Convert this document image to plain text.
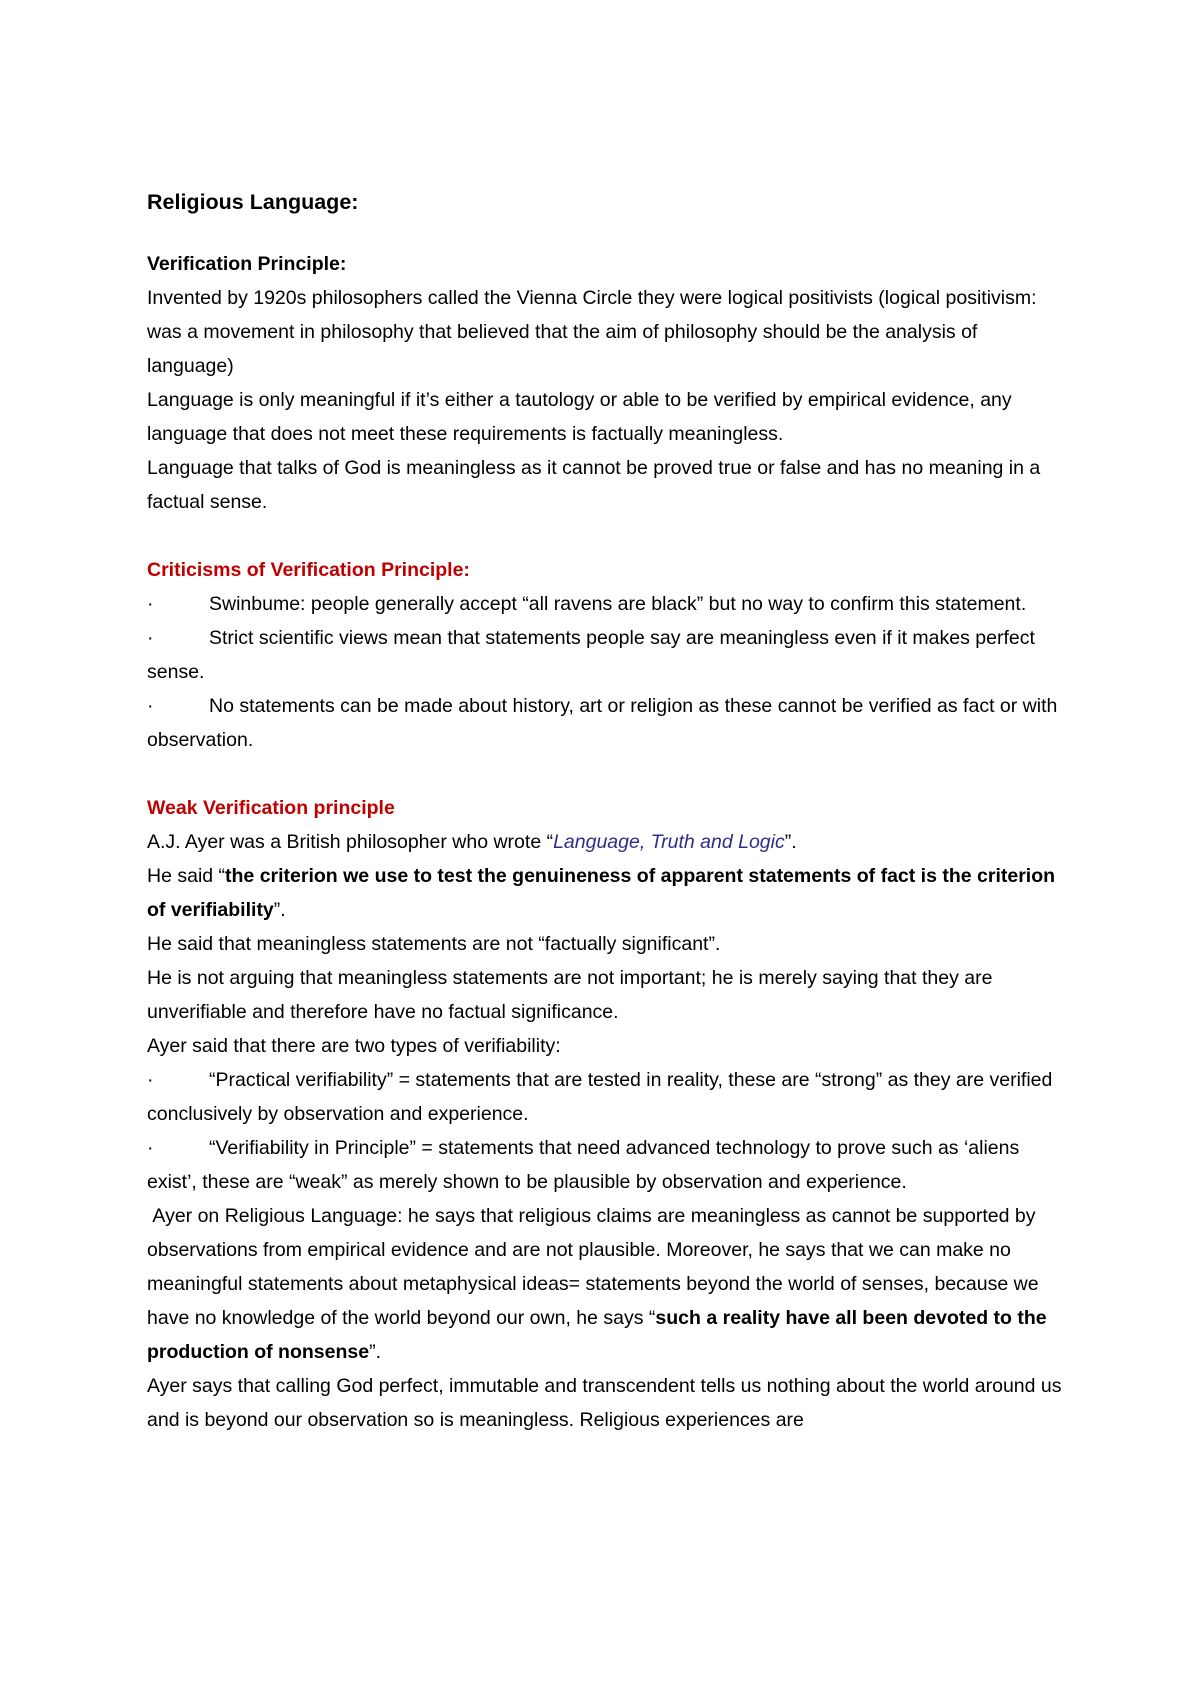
Religious Language:

Verification Principle:

Invented by 1920s philosophers called the Vienna Circle they were logical positivists (logical positivism: was a movement in philosophy that believed that the aim of philosophy should be the analysis of language)

Language is only meaningful if it’s either a tautology or able to be verified by empirical evidence, any language that does not meet these requirements is factually meaningless.

Language that talks of God is meaningless as it cannot be proved true or false and has no meaning in a factual sense.

Criticisms of Verification Principle:

·	Swinbume: people generally accept “all ravens are black” but no way to confirm this statement.

·	Strict scientific views mean that statements people say are meaningless even if it makes perfect sense.

·	No statements can be made about history, art or religion as these cannot be verified as fact or with observation.

Weak Verification principle

A.J. Ayer was a British philosopher who wrote “Language, Truth and Logic”.

He said “the criterion we use to test the genuineness of apparent statements of fact is the criterion of verifiability”.

He said that meaningless statements are not “factually significant”.

He is not arguing that meaningless statements are not important; he is merely saying that they are unverifiable and therefore have no factual significance.

Ayer said that there are two types of verifiability:

·	“Practical verifiability” = statements that are tested in reality, these are “strong” as they are verified conclusively by observation and experience.

·	“Verifiability in Principle” = statements that need advanced technology to prove such as ‘aliens exist’, these are “weak” as merely shown to be plausible by observation and experience.

Ayer on Religious Language: he says that religious claims are meaningless as cannot be supported by observations from empirical evidence and are not plausible. Moreover, he says that we can make no meaningful statements about metaphysical ideas= statements beyond the world of senses, because we have no knowledge of the world beyond our own, he says “such a reality have all been devoted to the production of nonsense”.

Ayer says that calling God perfect, immutable and transcendent tells us nothing about the world around us and is beyond our observation so is meaningless. Religious experiences are
